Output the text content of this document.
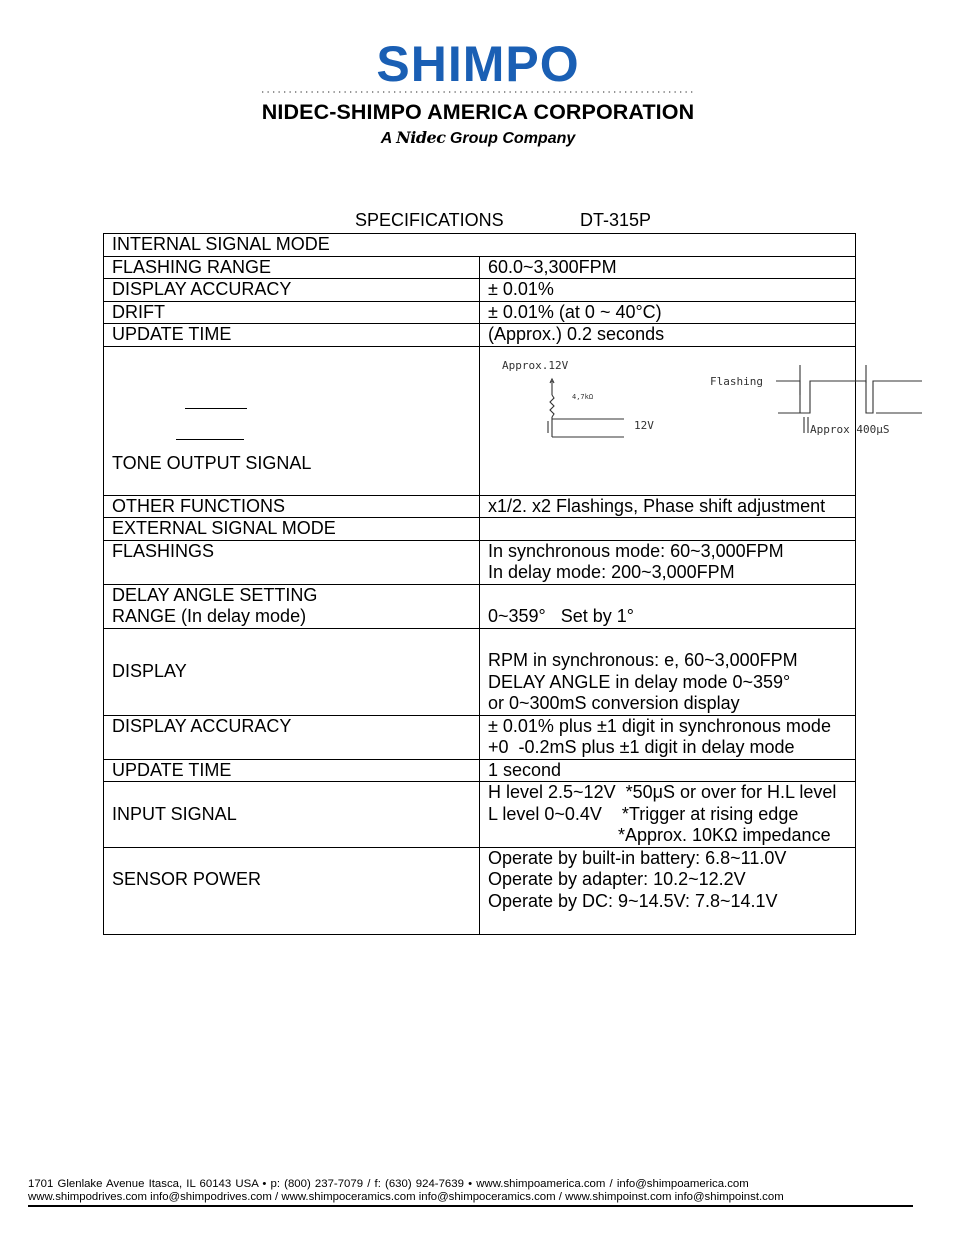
SHIMPO
NIDEC-SHIMPO AMERICA CORPORATION
A Nidec Group Company
SPECIFICATIONS	DT-315P
INTERNAL SIGNAL MODE	
FLASHING RANGE	60.0~3,300FPM
DISPLAY ACCURACY	± 0.01%
DRIFT	± 0.01% (at 0 ~ 40°C)
UPDATE TIME	(Approx.) 0.2 seconds

TONE OUTPUT SIGNAL	Approx.12V
4,7kΩ
12V
Flashing
Approx 400μS

OTHER FUNCTIONS	x1/2. x2 Flashings, Phase shift adjustment
EXTERNAL SIGNAL MODE	
FLASHINGS	In synchronous mode: 60~3,000FPM
In delay mode: 200~3,000FPM

DELAY ANGLE SETTING
RANGE (In delay mode)	0~359°   Set by 1°
DISPLAY	RPM in synchronous: e, 60~3,000FPM
DELAY ANGLE in delay mode 0~359°
or 0~300mS conversion display

DISPLAY ACCURACY	± 0.01% plus ±1 digit in synchronous mode
+0  -0.2mS plus ±1 digit in delay mode

UPDATE TIME	1 second
INPUT SIGNAL	H level 2.5~12V  *50μS or over for H.L level
L level 0~0.4V    *Trigger at rising edge
*Approx. 10KΩ impedance

SENSOR POWER	Operate by built-in battery: 6.8~11.0V
Operate by adapter: 10.2~12.2V
Operate by DC: 9~14.5V: 7.8~14.1V
1701 Glenlake Avenue Itasca, IL 60143 USA • p: (800) 237-7079 / f: (630) 924-7639 • www.shimpoamerica.com / info@shimpoamerica.com
www.shimpodrives.com info@shimpodrives.com / www.shimpoceramics.com info@shimpoceramics.com / www.shimpoinst.com info@shimpoinst.com
